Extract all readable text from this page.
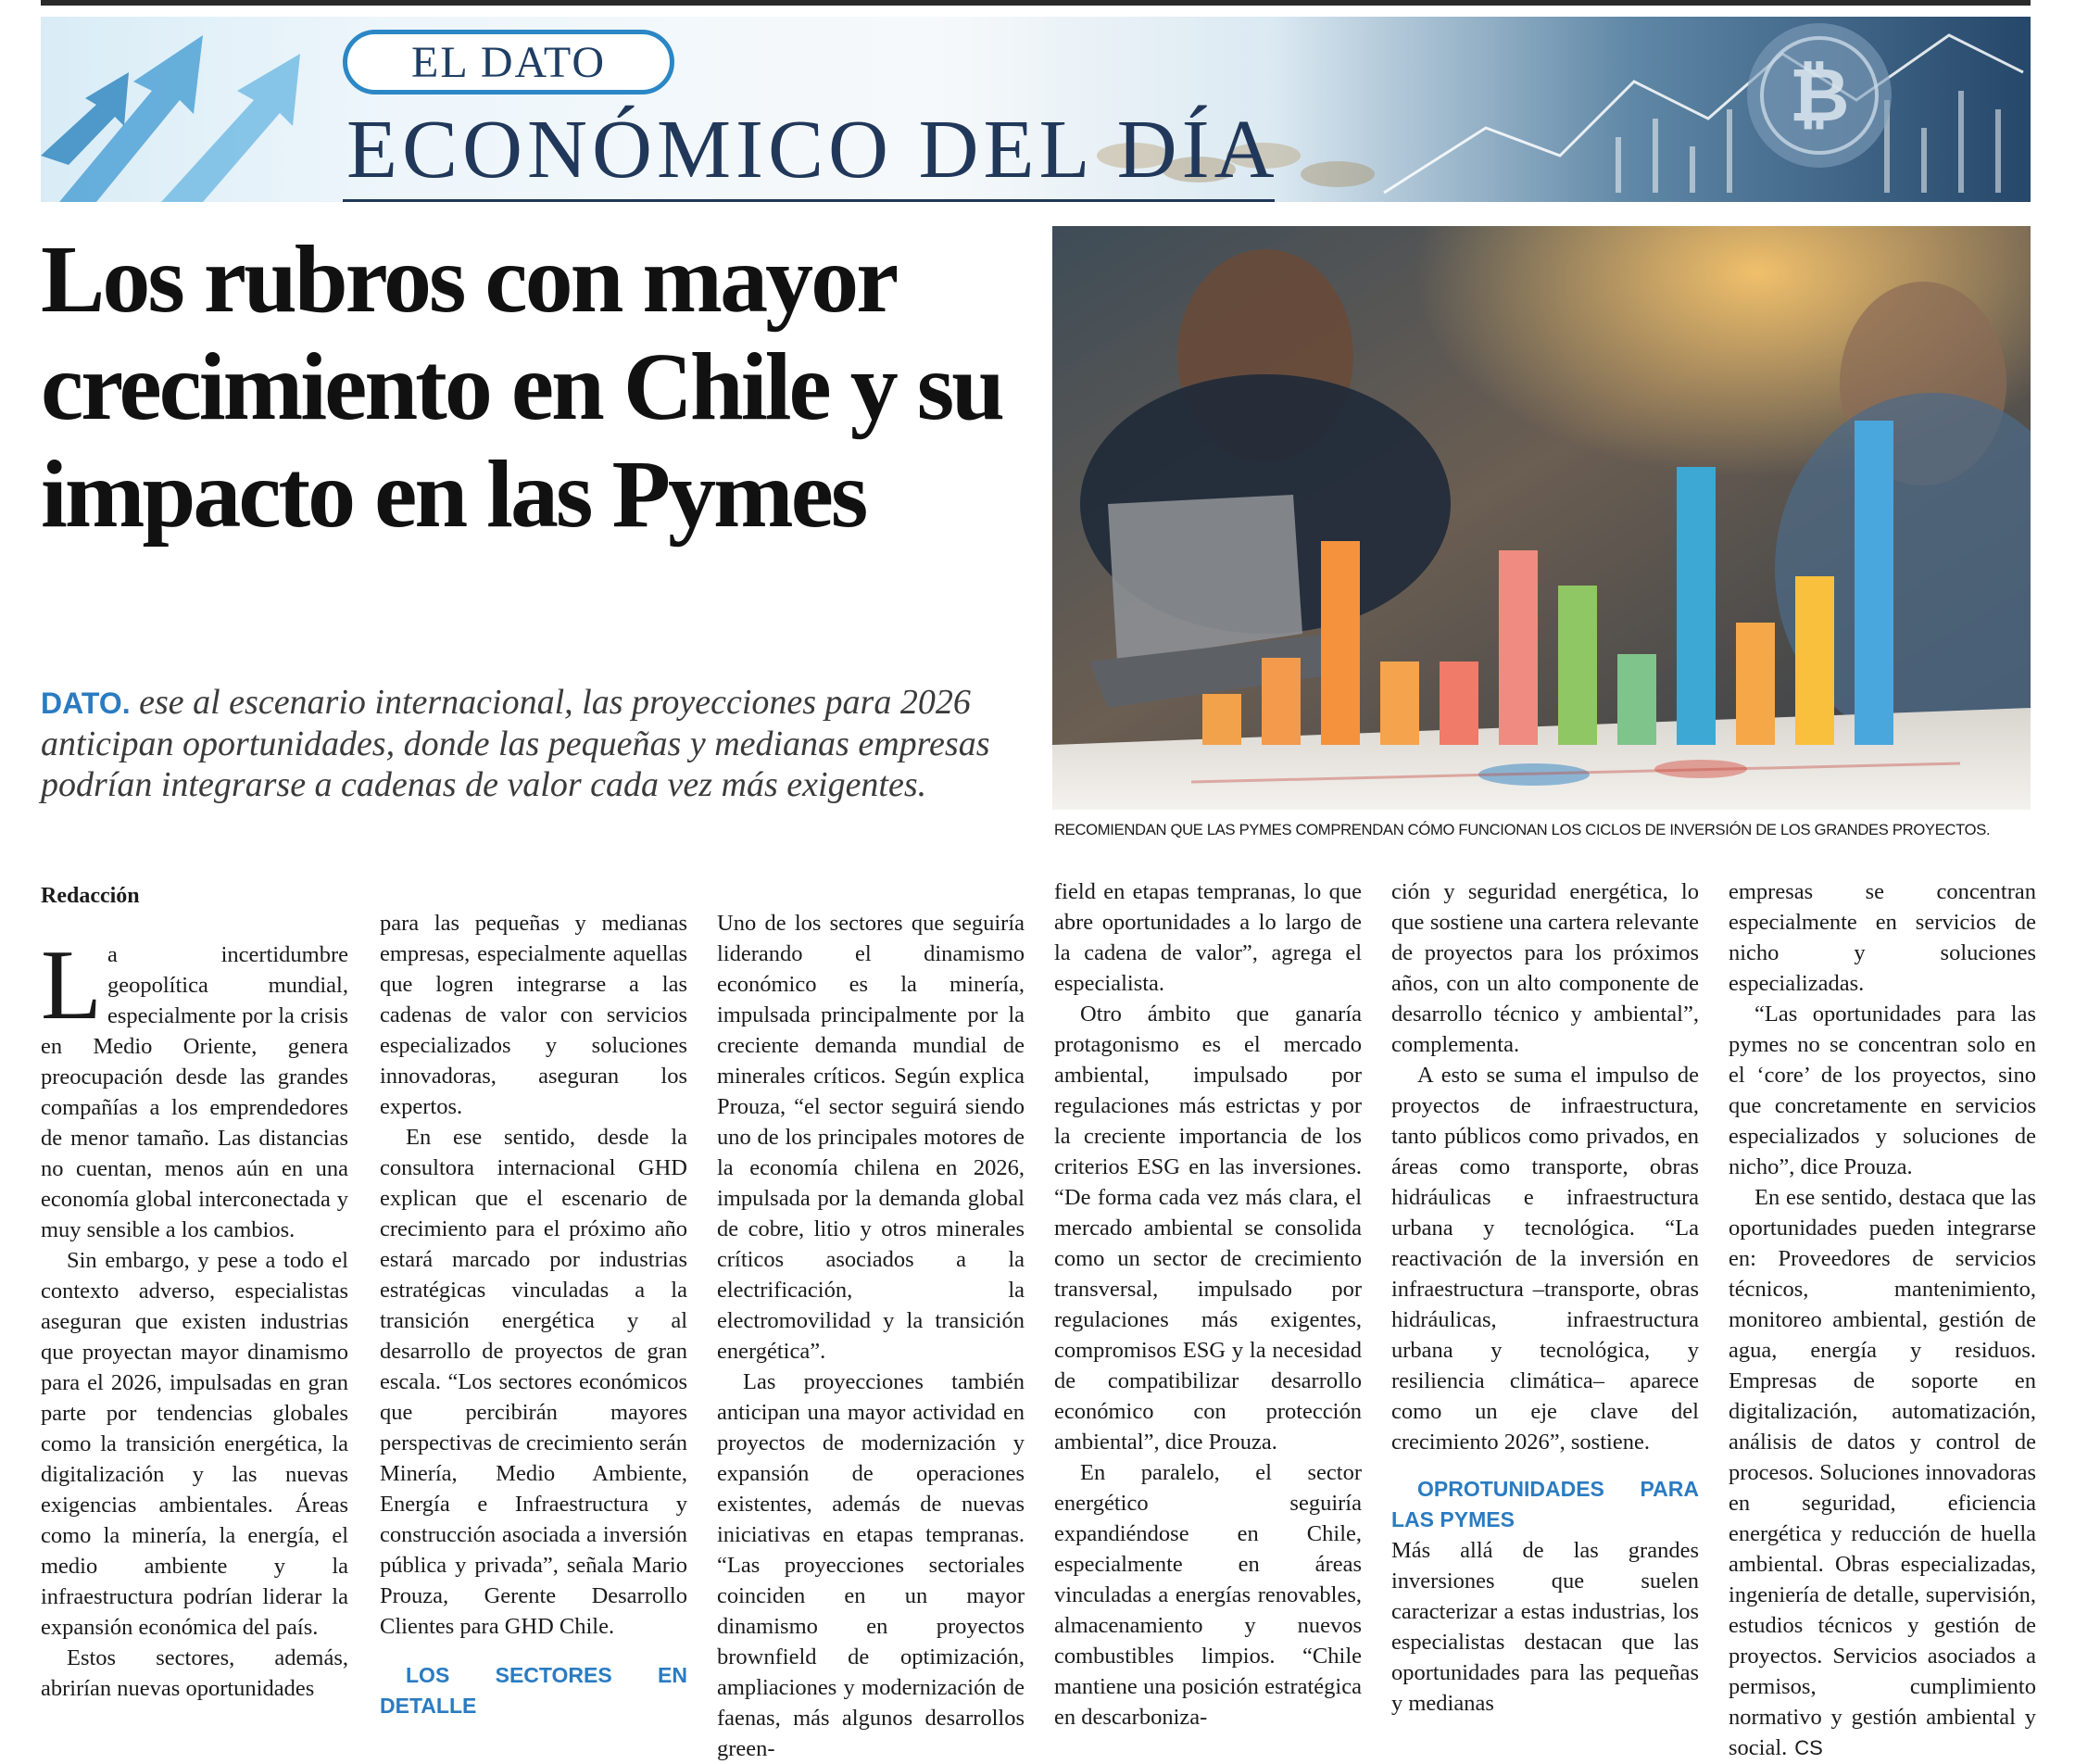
₿
EL DATO
ECONÓMICO DEL DÍA
Los rubros con mayor crecimiento en Chile y su impacto en las Pymes

DATO. ese al escenario internacional, las proyecciones para 2026 anticipan oportunidades, donde las pequeñas y medianas empresas podrían integrarse a cadenas de valor cada vez más exigentes.

RECOMIENDAN QUE LAS PYMES COMPRENDAN CÓMO FUNCIONAN LOS CICLOS DE INVERSIÓN DE LOS GRANDES PROYECTOS.
Redacción

La incertidumbre geopolítica mundial, especialmente por la crisis en Medio Oriente, genera preocupación desde las grandes compañías a los emprendedores de menor tamaño. Las distancias no cuentan, menos aún en una economía global interconectada y muy sensible a los cambios.

Sin embargo, y pese a todo el contexto adverso, especialistas aseguran que existen industrias que proyectan mayor dinamismo para el 2026, impulsadas en gran parte por tendencias globales como la transición energética, la digitalización y las nuevas exigencias ambientales. Áreas como la minería, la energía, el medio ambiente y la infraestructura podrían liderar la expansión económica del país.

Estos sectores, además, abrirían nuevas oportunidades

para las pequeñas y medianas empresas, especialmente aquellas que logren integrarse a las cadenas de valor con servicios especializados y soluciones innovadoras, aseguran los expertos.

En ese sentido, desde la consultora internacional GHD explican que el escenario de crecimiento para el próximo año estará marcado por industrias estratégicas vinculadas a la transición energética y al desarrollo de proyectos de gran escala. “Los sectores económicos que percibirán mayores perspectivas de crecimiento serán Minería, Medio Ambiente, Energía e Infraestructura y construcción asociada a inversión pública y privada”, señala Mario Prouza, Gerente Desarrollo Clientes para GHD Chile.

LOS SECTORES EN DETALLE

Uno de los sectores que seguiría liderando el dinamismo económico es la minería, impulsada principalmente por la creciente demanda mundial de minerales críticos. Según explica Prouza, “el sector seguirá siendo uno de los principales motores de la economía chilena en 2026, impulsada por la demanda global de cobre, litio y otros minerales críticos asociados a la electrificación, la electromovilidad y la transición energética”.

Las proyecciones también anticipan una mayor actividad en proyectos de modernización y expansión de operaciones existentes, además de nuevas iniciativas en etapas tempranas. “Las proyecciones sectoriales coinciden en un mayor dinamismo en proyectos brownfield de optimización, ampliaciones y modernización de faenas, más algunos desarrollos green-

field en etapas tempranas, lo que abre oportunidades a lo largo de la cadena de valor”, agrega el especialista.

Otro ámbito que ganaría protagonismo es el mercado ambiental, impulsado por regulaciones más estrictas y por la creciente importancia de los criterios ESG en las inversiones. “De forma cada vez más clara, el mercado ambiental se consolida como un sector de crecimiento transversal, impulsado por regulaciones más exigentes, compromisos ESG y la necesidad de compatibilizar desarrollo económico con protección ambiental”, dice Prouza.

En paralelo, el sector energético seguiría expandiéndose en Chile, especialmente en áreas vinculadas a energías renovables, almacenamiento y nuevos combustibles limpios. “Chile mantiene una posición estratégica en descarboniza-

ción y seguridad energética, lo que sostiene una cartera relevante de proyectos para los próximos años, con un alto componente de desarrollo técnico y ambiental”, complementa.

A esto se suma el impulso de proyectos de infraestructura, tanto públicos como privados, en áreas como transporte, obras hidráulicas e infraestructura urbana y tecnológica. “La reactivación de la inversión en infraestructura –transporte, obras hidráulicas, infraestructura urbana y tecnológica, y resiliencia climática– aparece como un eje clave del crecimiento 2026”, sostiene.

OPROTUNIDADES PARA LAS PYMES

Más allá de las grandes inversiones que suelen caracterizar a estas industrias, los especialistas destacan que las oportunidades para las pequeñas y medianas

empresas se concentran especialmente en servicios de nicho y soluciones especializadas.

“Las oportunidades para las pymes no se concentran solo en el ‘core’ de los proyectos, sino que concretamente en servicios especializados y soluciones de nicho”, dice Prouza.

En ese sentido, destaca que las oportunidades pueden integrarse en: Proveedores de servicios técnicos, mantenimiento, monitoreo ambiental, gestión de agua, energía y residuos. Empresas de soporte en digitalización, automatización, análisis de datos y control de procesos. Soluciones innovadoras en seguridad, eficiencia energética y reducción de huella ambiental. Obras especializadas, ingeniería de detalle, supervisión, estudios técnicos y gestión de proyectos. Servicios asociados a permisos, cumplimiento normativo y gestión ambiental y social. CS
